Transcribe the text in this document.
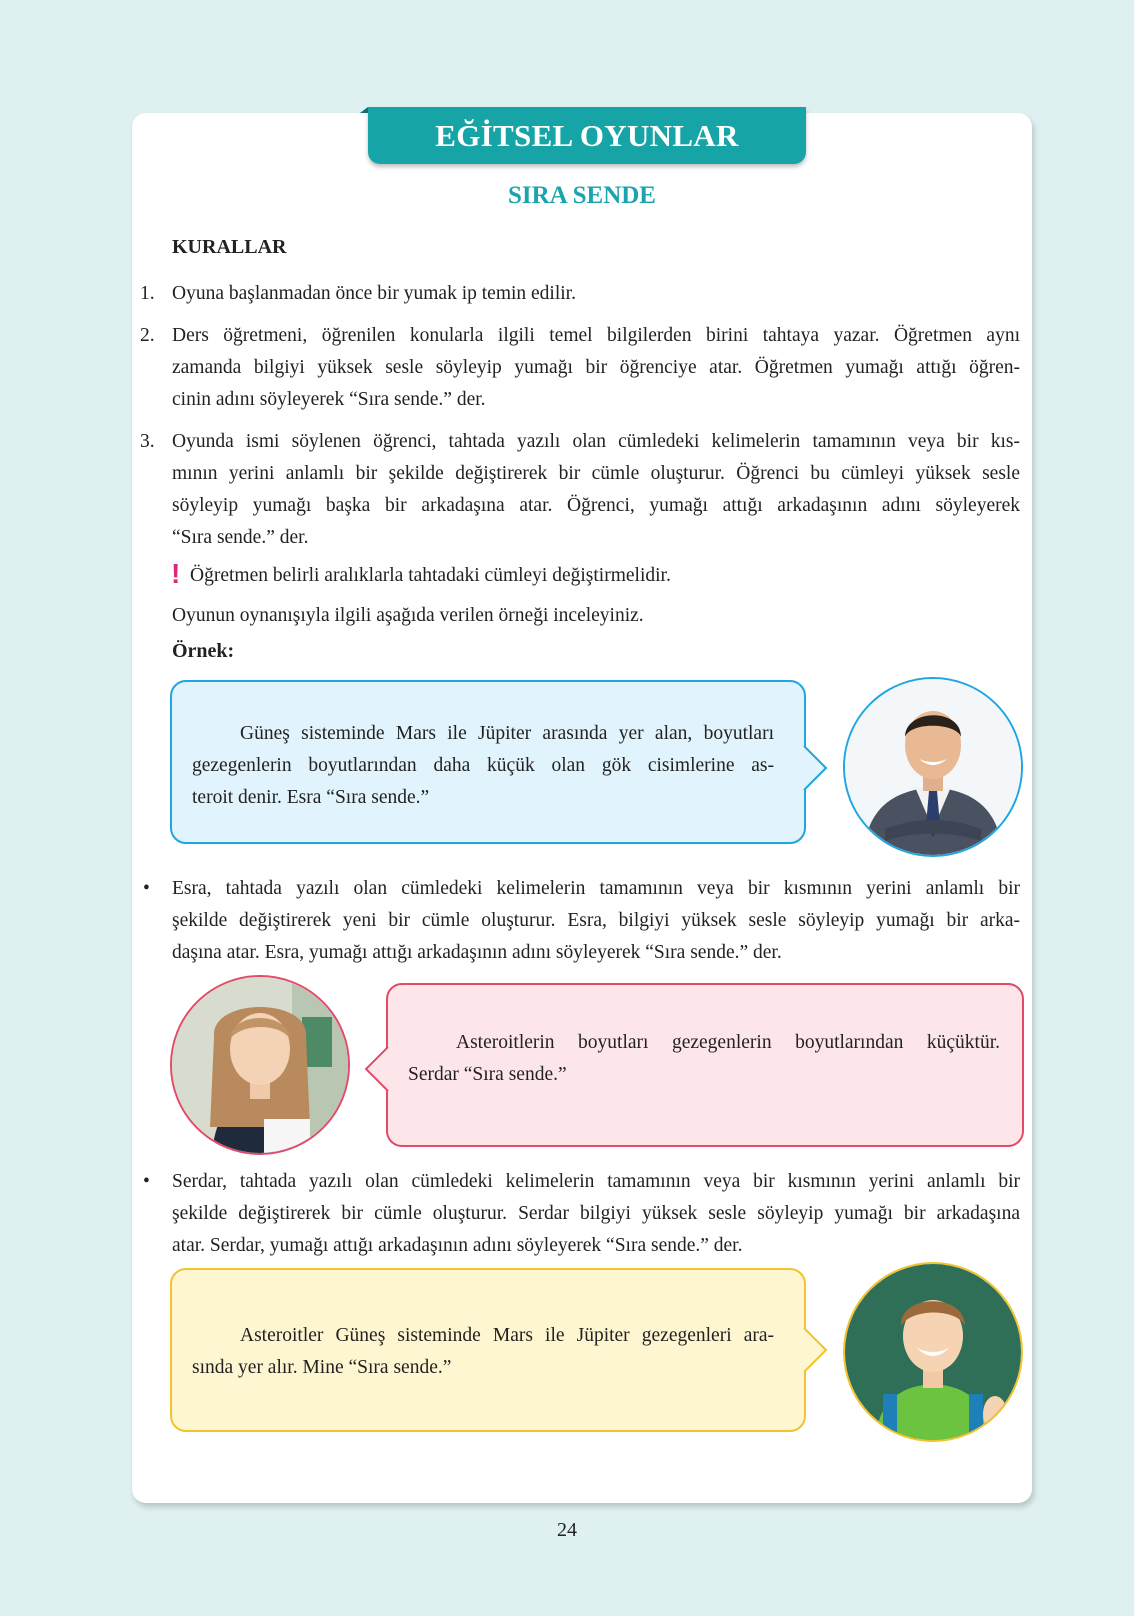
EĞİTSEL OYUNLAR
SIRA SENDE
KURALLAR
1. Oyuna başlanmadan önce bir yumak ip temin edilir.
2. Ders öğretmeni, öğrenilen konularla ilgili temel bilgilerden birini tahtaya yazar. Öğretmen aynı
zamanda bilgiyi yüksek sesle söyleyip yumağı bir öğrenciye atar. Öğretmen yumağı attığı öğren-
cinin adını söyleyerek “Sıra sende.” der.
3. Oyunda ismi söylenen öğrenci, tahtada yazılı olan cümledeki kelimelerin tamamının veya bir kıs-
mının yerini anlamlı bir şekilde değiştirerek bir cümle oluşturur. Öğrenci bu cümleyi yüksek sesle
söyleyip yumağı başka bir arkadaşına atar. Öğrenci, yumağı attığı arkadaşının adını söyleyerek
“Sıra sende.” der.
! Öğretmen belirli aralıklarla tahtadaki cümleyi değiştirmelidir.
Oyunun oynanışıyla ilgili aşağıda verilen örneği inceleyiniz.
Örnek:
Güneş sisteminde Mars ile Jüpiter arasında yer alan, boyutları
gezegenlerin boyutlarından daha küçük olan gök cisimlerine as-
teroit denir. Esra “Sıra sende.”
• Esra, tahtada yazılı olan cümledeki kelimelerin tamamının veya bir kısmının yerini anlamlı bir
şekilde değiştirerek yeni bir cümle oluşturur. Esra, bilgiyi yüksek sesle söyleyip yumağı bir arka-
daşına atar. Esra, yumağı attığı arkadaşının adını söyleyerek “Sıra sende.” der.
Asteroitlerin boyutları gezegenlerin boyutlarından küçüktür.
Serdar “Sıra sende.”
• Serdar, tahtada yazılı olan cümledeki kelimelerin tamamının veya bir kısmının yerini anlamlı bir
şekilde değiştirerek bir cümle oluşturur. Serdar bilgiyi yüksek sesle söyleyip yumağı bir arkadaşına
atar. Serdar, yumağı attığı arkadaşının adını söyleyerek “Sıra sende.” der.
Asteroitler Güneş sisteminde Mars ile Jüpiter gezegenleri ara-
sında yer alır. Mine “Sıra sende.”
24
